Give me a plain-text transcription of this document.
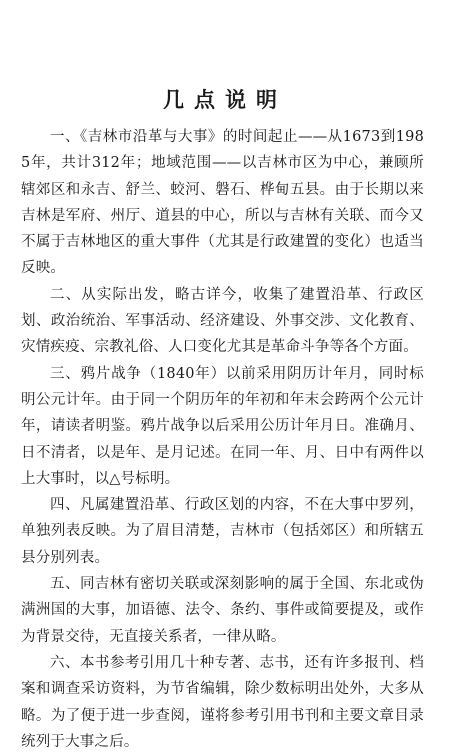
几点说明

一、《吉林市沿革与大事》的时间起止——从1673到1985年，共计312年；地域范围——以吉林市区为中心，兼顾所辖郊区和永吉、舒兰、蛟河、磐石、桦甸五县。由于长期以来吉林是军府、州厅、道县的中心，所以与吉林有关联、而今又不属于吉林地区的重大事件（尤其是行政建置的变化）也适当反映。

二、从实际出发，略古详今，收集了建置沿革、行政区划、政治统治、军事活动、经济建设、外事交涉、文化教育、灾情疾疫、宗教礼俗、人口变化尤其是革命斗争等各个方面。

三、鸦片战争（1840年）以前采用阴历计年月，同时标明公元计年。由于同一个阴历年的年初和年末会跨两个公元计年，请读者明鉴。鸦片战争以后采用公历计年月日。准确月、日不清者，以是年、是月记述。在同一年、月、日中有两件以上大事时，以△号标明。

四、凡属建置沿革、行政区划的内容，不在大事中罗列，单独列表反映。为了眉目清楚，吉林市（包括郊区）和所辖五县分别列表。

五、同吉林有密切关联或深刻影响的属于全国、东北或伪满洲国的大事，加语德、法令、条约、事件或简要提及，或作为背景交待，无直接关系者，一律从略。

六、本书参考引用几十种专著、志书，还有许多报刊、档案和调查采访资料，为节省编辑，除少数标明出处外，大多从略。为了便于进一步查阅，谨将参考引用书刊和主要文章目录统列于大事之后。
